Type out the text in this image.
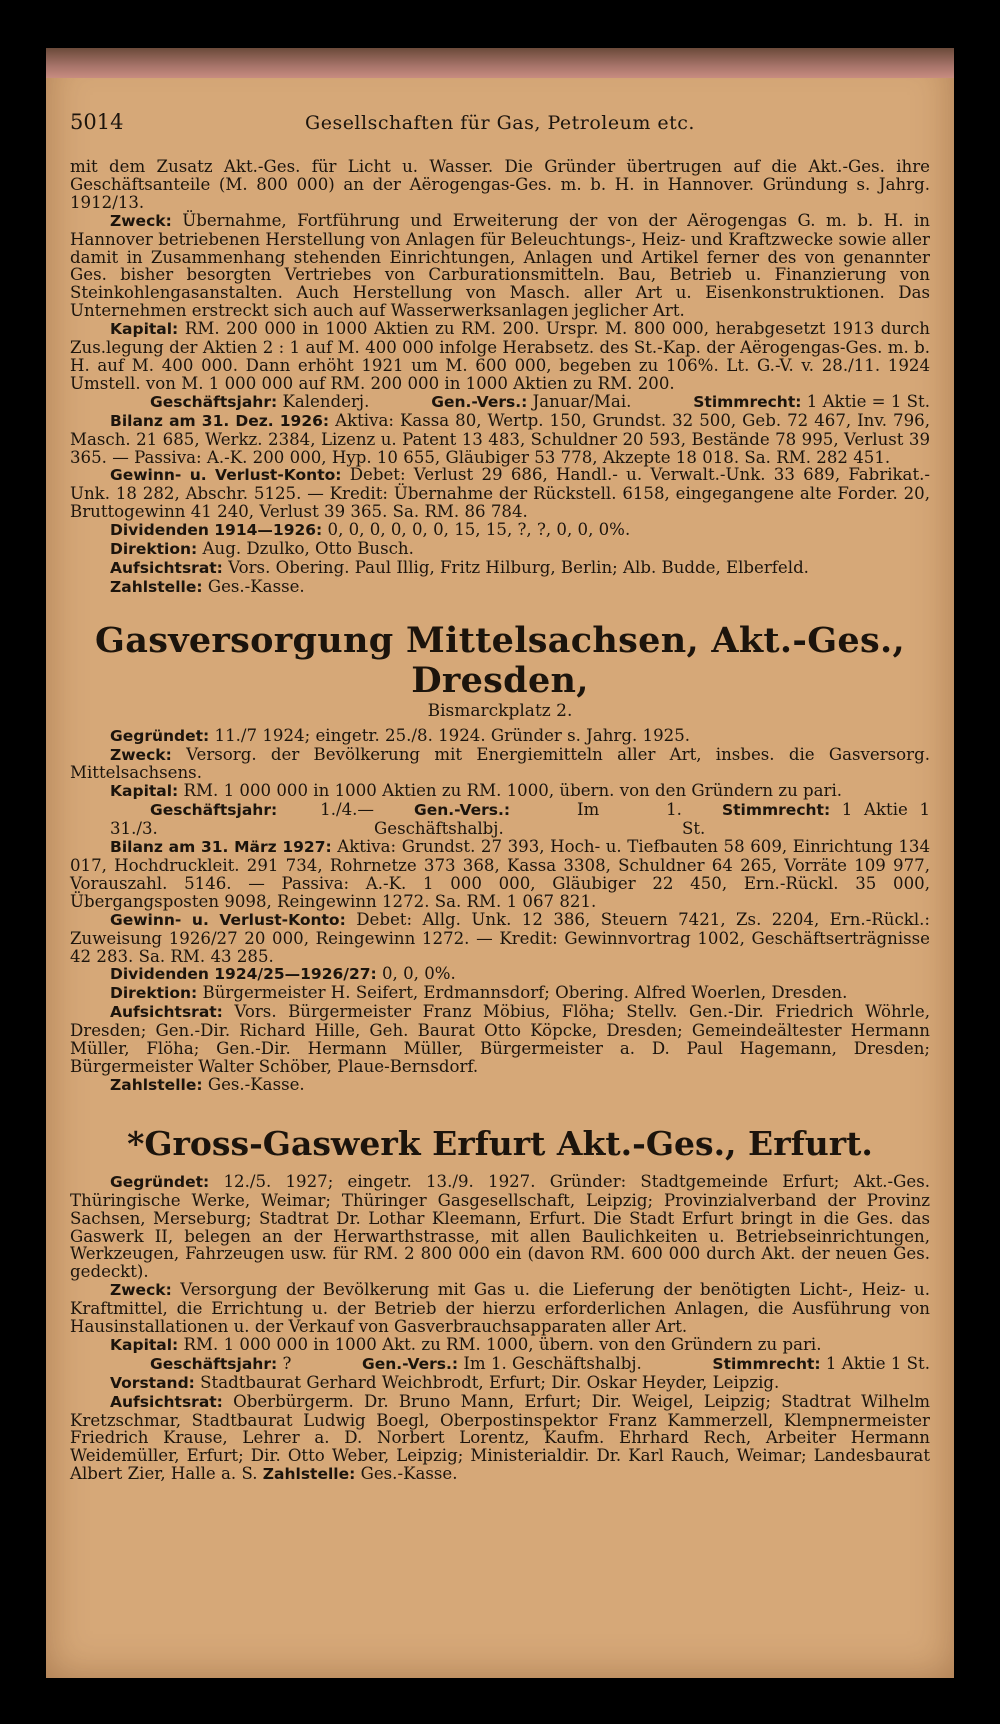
5014	Gesellschaften für Gas, Petroleum etc.

mit dem Zusatz Akt.-Ges. für Licht u. Wasser. Die Gründer übertrugen auf die Akt.-Ges. ihre Geschäftsanteile (M. 800 000) an der Aërogengas-Ges. m. b. H. in Hannover. Gründung s. Jahrg. 1912/13.

Zweck: Übernahme, Fortführung und Erweiterung der von der Aërogengas G. m. b. H. in Hannover betriebenen Herstellung von Anlagen für Beleuchtungs-, Heiz- und Kraftzwecke sowie aller damit in Zusammenhang stehenden Einrichtungen, Anlagen und Artikel ferner des von genannter Ges. bisher besorgten Vertriebes von Carburationsmitteln. Bau, Betrieb u. Finanzierung von Steinkohlengasanstalten. Auch Herstellung von Masch. aller Art u. Eisenkonstruktionen. Das Unternehmen erstreckt sich auch auf Wasserwerksanlagen jeglicher Art.

Kapital: RM. 200 000 in 1000 Aktien zu RM. 200. Urspr. M. 800 000, herabgesetzt 1913 durch Zus.legung der Aktien 2 : 1 auf M. 400 000 infolge Herabsetz. des St.-Kap. der Aërogengas-Ges. m. b. H. auf M. 400 000. Dann erhöht 1921 um M. 600 000, begeben zu 106%. Lt. G.-V. v. 28./11. 1924 Umstell. von M. 1 000 000 auf RM. 200 000 in 1000 Aktien zu RM. 200.

Geschäftsjahr: Kalenderj.	Gen.-Vers.: Januar/Mai.	Stimmrecht: 1 Aktie = 1 St.

Bilanz am 31. Dez. 1926: Aktiva: Kassa 80, Wertp. 150, Grundst. 32 500, Geb. 72 467, Inv. 796, Masch. 21 685, Werkz. 2384, Lizenz u. Patent 13 483, Schuldner 20 593, Bestände 78 995, Verlust 39 365. — Passiva: A.-K. 200 000, Hyp. 10 655, Gläubiger 53 778, Akzepte 18 018. Sa. RM. 282 451.

Gewinn- u. Verlust-Konto: Debet: Verlust 29 686, Handl.- u. Verwalt.-Unk. 33 689, Fabrikat.-Unk. 18 282, Abschr. 5125. — Kredit: Übernahme der Rückstell. 6158, eingegangene alte Forder. 20, Bruttogewinn 41 240, Verlust 39 365. Sa. RM. 86 784.

Dividenden 1914—1926: 0, 0, 0, 0, 0, 0, 15, 15, ?, ?, 0, 0, 0%.

Direktion: Aug. Dzulko, Otto Busch.

Aufsichtsrat: Vors. Obering. Paul Illig, Fritz Hilburg, Berlin; Alb. Budde, Elberfeld.

Zahlstelle: Ges.-Kasse.

Gasversorgung Mittelsachsen, Akt.-Ges., Dresden,
Bismarckplatz 2.

Gegründet: 11./7 1924; eingetr. 25./8. 1924. Gründer s. Jahrg. 1925.

Zweck: Versorg. der Bevölkerung mit Energiemitteln aller Art, insbes. die Gasversorg. Mittelsachsens.

Kapital: RM. 1 000 000 in 1000 Aktien zu RM. 1000, übern. von den Gründern zu pari.

Geschäftsjahr:	1./4.—31./3.
Gen.-Vers.:	Im 1. Geschäftshalbj.
Stimmrecht: 1 Aktie 1 St.

Bilanz am 31. März 1927: Aktiva: Grundst. 27 393, Hoch- u. Tiefbauten 58 609, Einrichtung 134 017, Hochdruckleit. 291 734, Rohrnetze 373 368, Kassa 3308, Schuldner 64 265, Vorräte 109 977, Vorauszahl. 5146. — Passiva: A.-K. 1 000 000, Gläubiger 22 450, Ern.-Rückl. 35 000, Übergangsposten 9098, Reingewinn 1272. Sa. RM. 1 067 821.

Gewinn- u. Verlust-Konto: Debet: Allg. Unk. 12 386, Steuern 7421, Zs. 2204, Ern.-Rückl.: Zuweisung 1926/27 20 000, Reingewinn 1272. — Kredit: Gewinnvortrag 1002, Geschäftserträgnisse 42 283. Sa. RM. 43 285.

Dividenden 1924/25—1926/27: 0, 0, 0%.

Direktion: Bürgermeister H. Seifert, Erdmannsdorf; Obering. Alfred Woerlen, Dresden.

Aufsichtsrat: Vors. Bürgermeister Franz Möbius, Flöha; Stellv. Gen.-Dir. Friedrich Wöhrle, Dresden; Gen.-Dir. Richard Hille, Geh. Baurat Otto Köpcke, Dresden; Gemeindeältester Hermann Müller, Flöha; Gen.-Dir. Hermann Müller, Bürgermeister a. D. Paul Hagemann, Dresden; Bürgermeister Walter Schöber, Plaue-Bernsdorf.

Zahlstelle: Ges.-Kasse.

*Gross-Gaswerk Erfurt Akt.-Ges., Erfurt.

Gegründet: 12./5. 1927; eingetr. 13./9. 1927. Gründer: Stadtgemeinde Erfurt; Akt.-Ges. Thüringische Werke, Weimar; Thüringer Gasgesellschaft, Leipzig; Provinzialverband der Provinz Sachsen, Merseburg; Stadtrat Dr. Lothar Kleemann, Erfurt. Die Stadt Erfurt bringt in die Ges. das Gaswerk II, belegen an der Herwarthstrasse, mit allen Baulichkeiten u. Betriebseinrichtungen, Werkzeugen, Fahrzeugen usw. für RM. 2 800 000 ein (davon RM. 600 000 durch Akt. der neuen Ges. gedeckt).

Zweck: Versorgung der Bevölkerung mit Gas u. die Lieferung der benötigten Licht-, Heiz- u. Kraftmittel, die Errichtung u. der Betrieb der hierzu erforderlichen Anlagen, die Ausführung von Hausinstallationen u. der Verkauf von Gasverbrauchsapparaten aller Art.

Kapital: RM. 1 000 000 in 1000 Akt. zu RM. 1000, übern. von den Gründern zu pari.

Geschäftsjahr: ?	Gen.-Vers.: Im 1. Geschäftshalbj.	Stimmrecht: 1 Aktie 1 St.

Vorstand: Stadtbaurat Gerhard Weichbrodt, Erfurt; Dir. Oskar Heyder, Leipzig.

Aufsichtsrat: Oberbürgerm. Dr. Bruno Mann, Erfurt; Dir. Weigel, Leipzig; Stadtrat Wilhelm Kretzschmar, Stadtbaurat Ludwig Boegl, Oberpostinspektor Franz Kammerzell, Klempnermeister Friedrich Krause, Lehrer a. D. Norbert Lorentz, Kaufm. Ehrhard Rech, Arbeiter Hermann Weidemüller, Erfurt; Dir. Otto Weber, Leipzig; Ministerialdir. Dr. Karl Rauch, Weimar; Landesbaurat Albert Zier, Halle a. S. Zahlstelle: Ges.-Kasse.
